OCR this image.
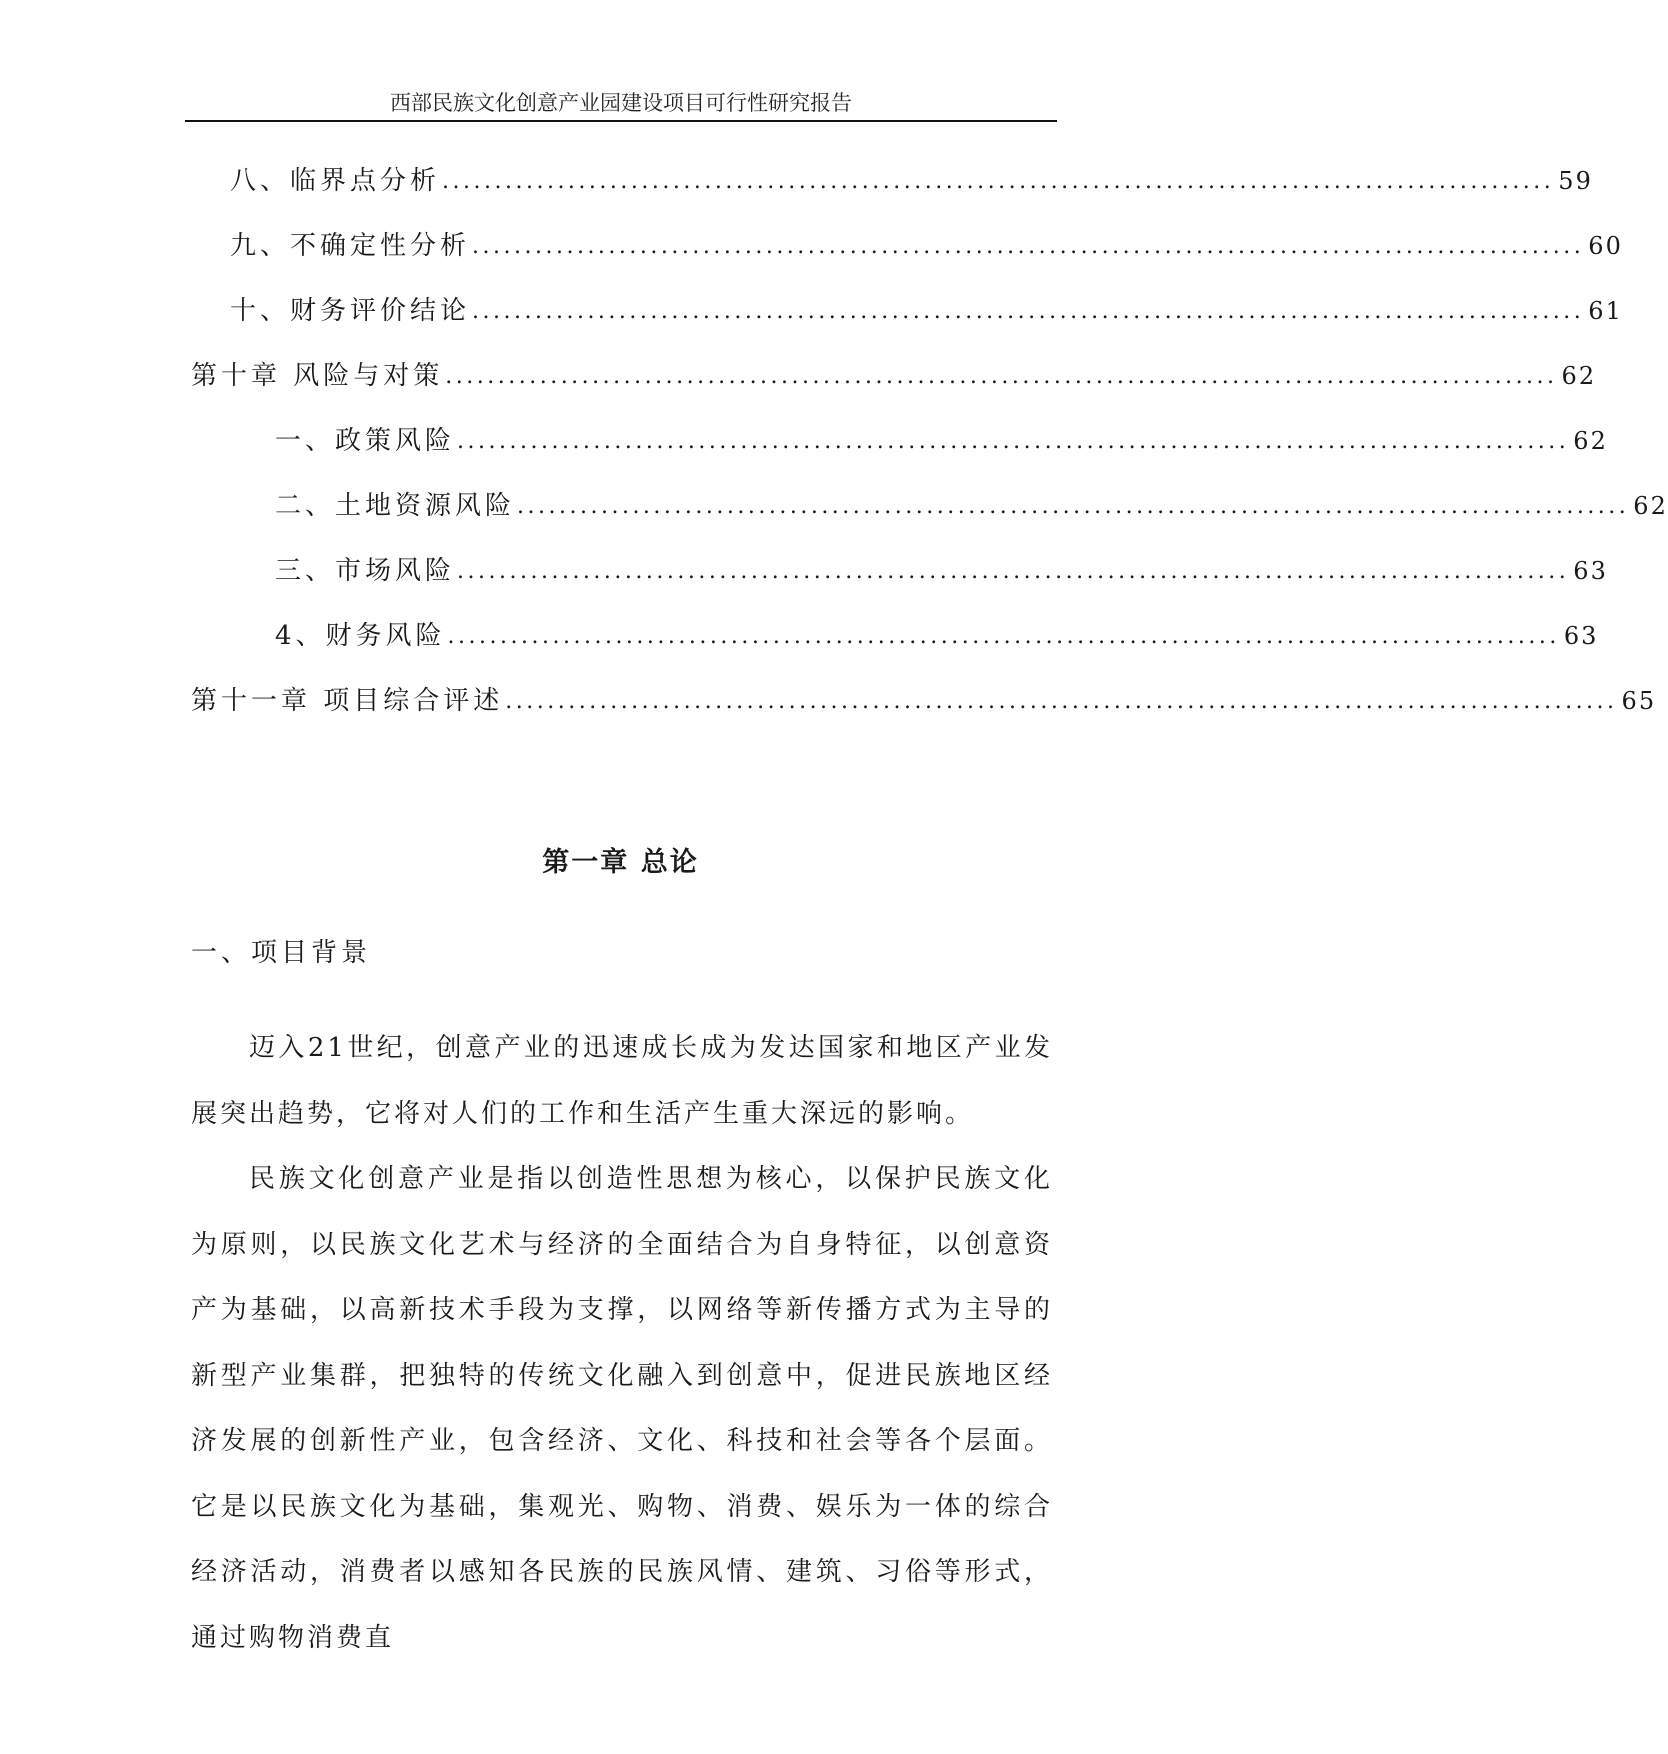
西部民族文化创意产业园建设项目可行性研究报告
八、临界点分析 .......................................................................................................... 59
九、不确定性分析 .......................................................................................................... 60
十、财务评价结论 .......................................................................................................... 61
第十章 风险与对策 .......................................................................................................... 62
一、政策风险 .......................................................................................................... 62
二、土地资源风险 .......................................................................................................... 62
三、市场风险 .......................................................................................................... 63
4、财务风险 .......................................................................................................... 63
第十一章 项目综合评述 .......................................................................................................... 65
第一章 总论
一、项目背景

迈入21世纪，创意产业的迅速成长成为发达国家和地区产业发展突出趋势，它将对人们的工作和生活产生重大深远的影响。

民族文化创意产业是指以创造性思想为核心，以保护民族文化为原则，以民族文化艺术与经济的全面结合为自身特征，以创意资产为基础，以高新技术手段为支撑，以网络等新传播方式为主导的新型产业集群，把独特的传统文化融入到创意中，促进民族地区经济发展的创新性产业，包含经济、文化、科技和社会等各个层面。它是以民族文化为基础，集观光、购物、消费、娱乐为一体的综合经济活动，消费者以感知各民族的民族风情、建筑、习俗等形式，通过购物消费直
